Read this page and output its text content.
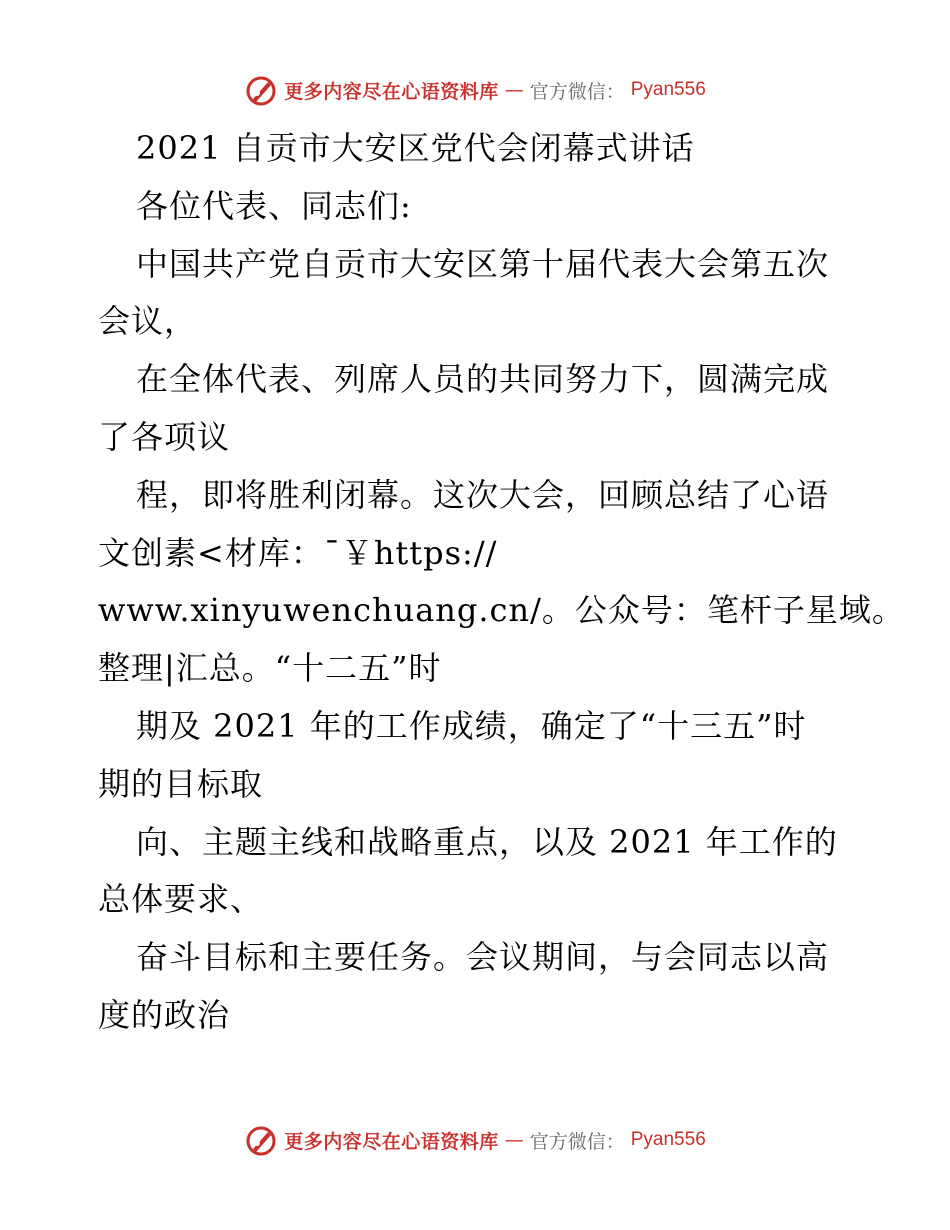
更多内容尽在心语资料库 — 官方微信： Pyan556
2021 自贡市大安区党代会闭幕式讲话
各位代表、同志们:
中国共产党自贡市大安区第十届代表大会第五次
会议，
在全体代表、列席人员的共同努力下，圆满完成
了各项议
程，即将胜利闭幕。这次大会，回顾总结了心语
文创素<材库：¯￥https://
www.xinyuwenchuang.cn/。公众号：笔杆子星域。
整理|汇总。“十二五”时
期及 2021 年的工作成绩，确定了“十三五”时
期的目标取
向、主题主线和战略重点，以及 2021 年工作的
总体要求、
奋斗目标和主要任务。会议期间，与会同志以高
度的政治
更多内容尽在心语资料库 — 官方微信： Pyan556
